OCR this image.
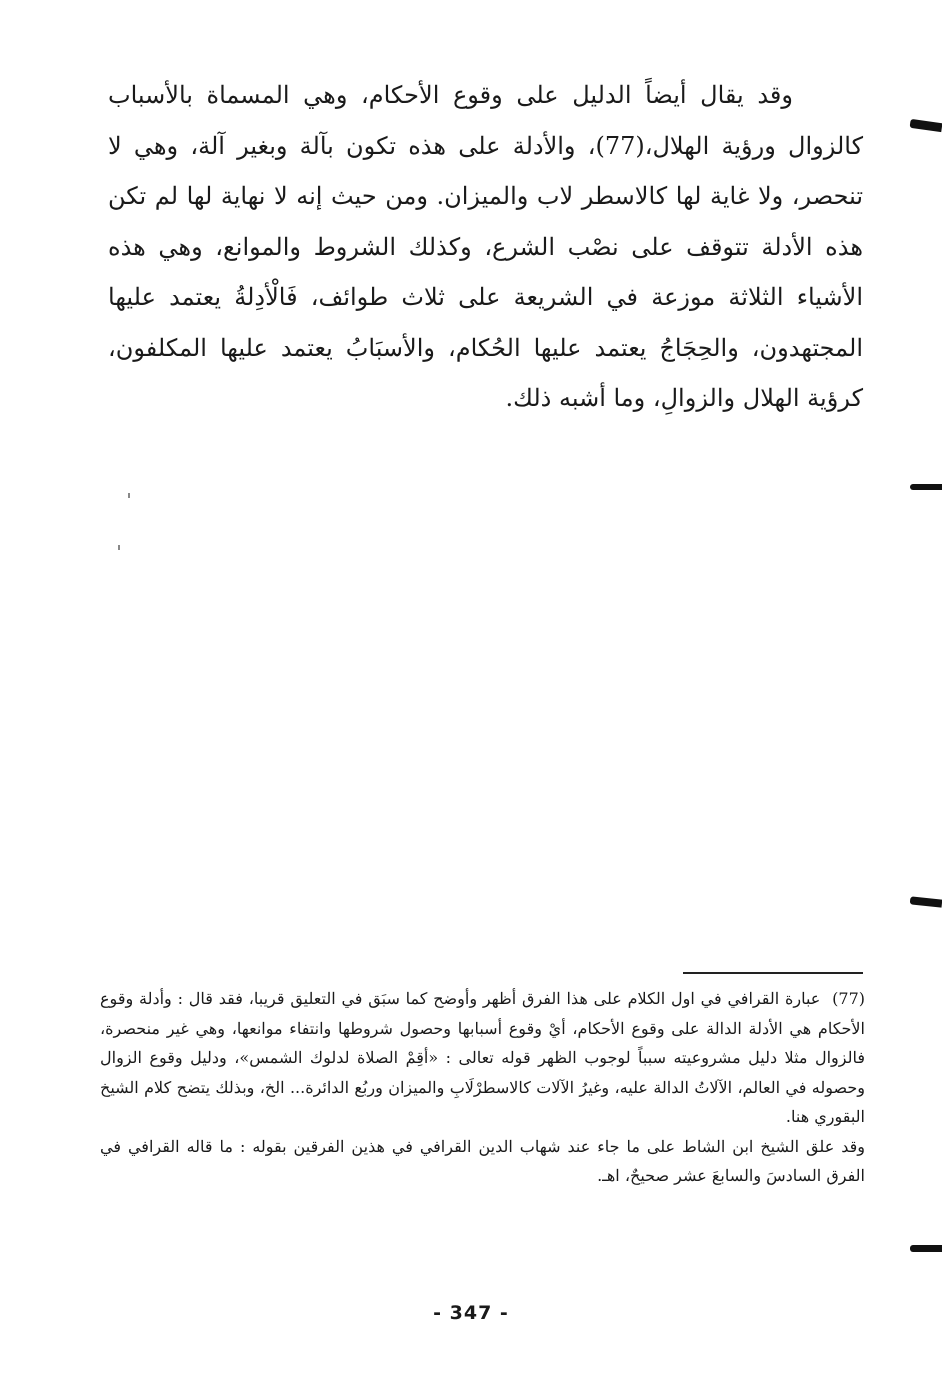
وقد يقال أيضاً الدليل على وقوع الأحكام، وهي المسماة بالأسباب كالزوال ورؤية الهلال،(77)، والأدلة على هذه تكون بآلة وبغير آلة، وهي لا تنحصر، ولا غاية لها كالاسطر لاب والميزان. ومن حيث إنه لا نهاية لها لم تكن هذه الأدلة تتوقف على نصْب الشرع، وكذلك الشروط والموانع، وهي هذه الأشياء الثلاثة موزعة في الشريعة على ثلاث طوائف، فَالْأدِلةُ يعتمد عليها المجتهدون، والحِجَاجُ يعتمد عليها الحُكام، والأسبَابُ يعتمد عليها المكلفون، كرؤية الهلال والزوالِ، وما أشبه ذلك.

(77) عبارة القرافي في اول الكلام على هذا الفرق أظهر وأوضح كما سبَق في التعليق قريبا، فقد قال : وأدلة وقوع الأحكام هي الأدلة الدالة على وقوع الأحكام، أيْ وقوع أسبابها وحصول شروطها وانتفاء موانعها، وهي غير منحصرة، فالزوال مثلا دليل مشروعيته سبباً لوجوب الظهر قوله تعالى : «أقِمْ الصلاة لدلوك الشمس»، ودليل وقوع الزوال وحصوله في العالم، الآلاتُ الدالة عليه، وغيرُ الآلات كالاسطرْلَابِ والميزان وربُع الدائرة... الخ، وبذلك يتضح كلام الشيخ البقوري هنا.

وقد علق الشيخ ابن الشاط على ما جاء عند شهاب الدين القرافي في هذين الفرقين بقوله : ما قاله القرافي في الفرق السادسَ والسابعَ عشر صحيحٌ، اهـ.

- 347 -
